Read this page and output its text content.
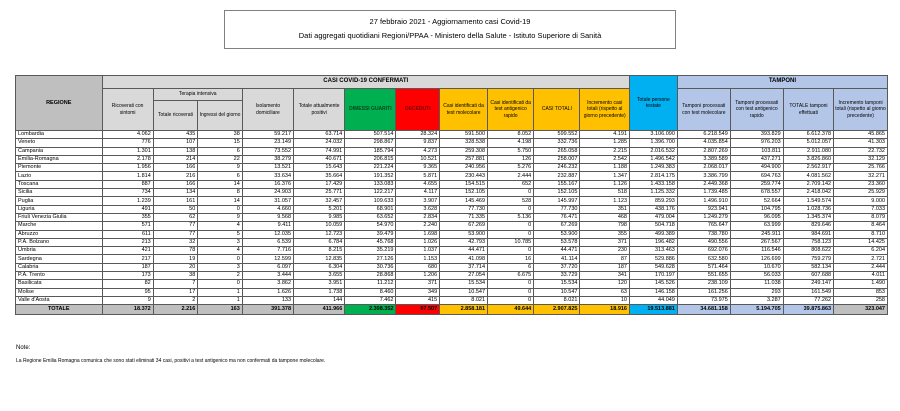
27 febbraio 2021 - Aggiornamento casi Covid-19
Dati aggregati quotidiani Regioni/PPAA - Ministero della Salute - Istituto Superiore di Sanità
REGIONE	CASI COVID-19 CONFERMATI											Totale persone testate	TAMPONI			
	Ricoverati con sintomi	Terapia intensiva		Isolamento domiciliare	Totale attualmente positivi	DIMESSI GUARITI	DECEDUTI	Casi identificati da test molecolare	Casi identificati da test antigenico rapido	CASI TOTALI	Incremento casi totali (rispetto al giorno precedente)		Tamponi processati con test molecolare	Tamponi processati con test antigenico rapido	TOTALE tamponi effettuati	Incremento tamponi totali (rispetto al giorno precedente)
		Totale ricoverati	Ingressi del giorno													
Lombardia	4.062	435	38	59.217	63.714	507.514	28.324	591.500	8.052	599.552	4.191	3.106.090	6.218.549	393.829	6.612.378	45.865
Veneto	776	107	15	23.149	24.032	298.867	9.837	328.538	4.198	332.736	1.285	1.396.700	4.035.854	976.203	5.012.057	41.303
Campania	1.301	138	6	73.552	74.991	185.794	4.273	259.308	5.750	265.058	2.215	2.016.532	2.807.269	103.811	2.911.080	22.732
Emilia-Romagna	2.178	214	22	38.279	40.671	206.815	10.521	257.881	126	258.007	2.542	1.496.542	3.389.589	437.271	3.826.860	32.129
Piemonte	1.956	166	9	13.521	15.643	221.224	9.365	240.956	5.276	246.232	1.188	1.249.383	2.068.017	494.900	2.562.917	25.766
Lazio	1.814	216	6	33.634	35.664	191.352	5.871	230.443	2.444	232.887	1.347	2.814.175	3.386.799	694.763	4.081.562	32.271
Toscana	887	166	14	16.376	17.429	133.083	4.655	154.515	652	155.167	1.126	1.433.158	2.449.368	259.774	2.709.142	23.360
Sicilia	734	134	8	24.903	25.771	122.217	4.117	152.105	0	152.105	518	1.125.332	1.739.485	678.557	2.418.042	25.929
Puglia	1.239	161	14	31.057	32.457	109.633	3.907	145.469	528	145.997	1.123	859.293	1.496.910	52.664	1.549.574	9.000
Liguria	491	50	0	4.660	5.201	68.901	3.628	77.730	0	77.730	351	438.176	923.941	104.795	1.028.736	7.033
Friuli Venezia Giulia	355	62	9	9.568	9.985	63.652	2.834	71.335	5.136	76.471	468	479.004	1.249.279	96.095	1.345.374	8.079
Marche	571	77	4	9.411	10.059	54.970	2.240	67.269	0	67.269	798	504.718	765.647	63.999	829.646	8.464
Abruzzo	611	77	5	12.035	12.723	39.479	1.698	53.900	0	53.900	355	499.389	738.780	245.911	984.691	8.710
P.A. Bolzano	213	32	3	6.539	6.784	45.768	1.026	42.793	10.785	53.578	371	196.482	490.556	267.567	758.123	14.425
Umbria	421	78	4	7.716	8.215	35.219	1.037	44.471	0	44.471	230	313.463	692.076	116.546	808.622	6.204
Sardegna	217	19	0	12.599	12.835	27.126	1.153	41.098	16	41.114	87	529.886	632.580	126.699	759.279	2.721
Calabria	187	20	3	6.097	6.304	30.736	680	37.714	6	37.720	187	549.628	571.464	10.670	582.134	2.444
P.A. Trento	173	38	2	3.444	3.655	28.868	1.206	27.054	6.675	33.729	341	170.197	551.655	56.033	607.688	4.011
Basilicata	82	7	0	3.862	3.951	11.212	371	15.534	0	15.534	120	145.526	238.109	11.038	249.147	1.490
Molise	95	17	1	1.626	1.738	8.460	349	10.547	0	10.547	63	146.158	161.256	293	161.549	853
Valle d'Aosta	9	2	1	133	144	7.462	415	8.021	0	8.021	10	44.049	73.975	3.287	77.262	258
TOTALE	18.372	2.216	163	391.378	411.966	2.398.352	97.507	2.858.181	49.644	2.907.825	18.916	19.513.881	34.681.158	5.194.705	39.875.863	323.047
Note:
La Regione Emilia Romagna comunica che sono stati eliminati 34 casi, positivi a test antigenico ma non confermati da tampone molecolare.
